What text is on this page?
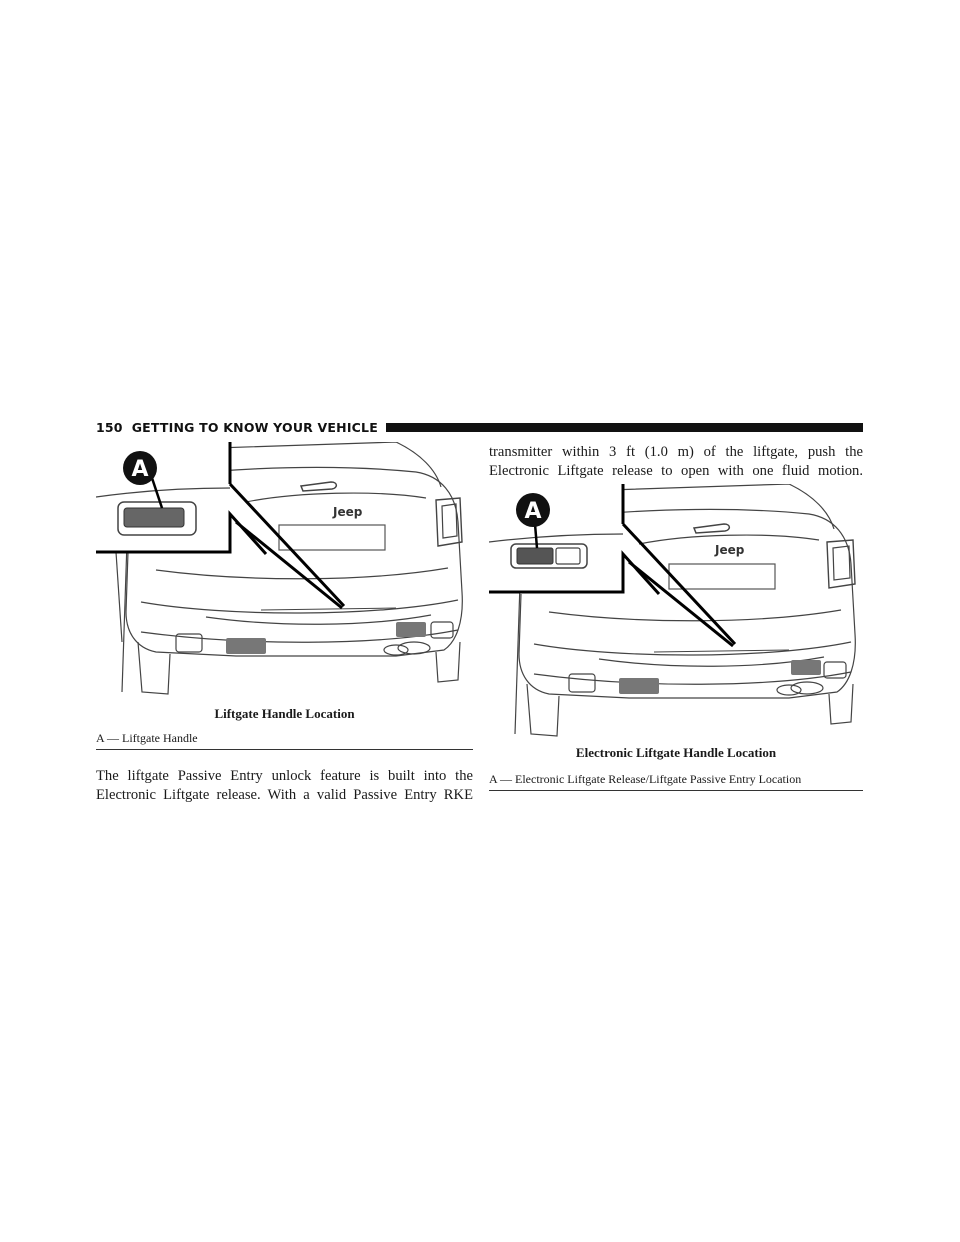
150 GETTING TO KNOW YOUR VEHICLE
transmitter within 3 ft (1.0 m) of the liftgate, push the
Electronic Liftgate release to open with one fluid motion.
Jeep
A
Liftgate Handle Location
A — Liftgate Handle
The liftgate Passive Entry unlock feature is built into the
Electronic Liftgate release. With a valid Passive Entry RKE
Jeep
A
Electronic Liftgate Handle Location
A — Electronic Liftgate Release/Liftgate Passive Entry Location
